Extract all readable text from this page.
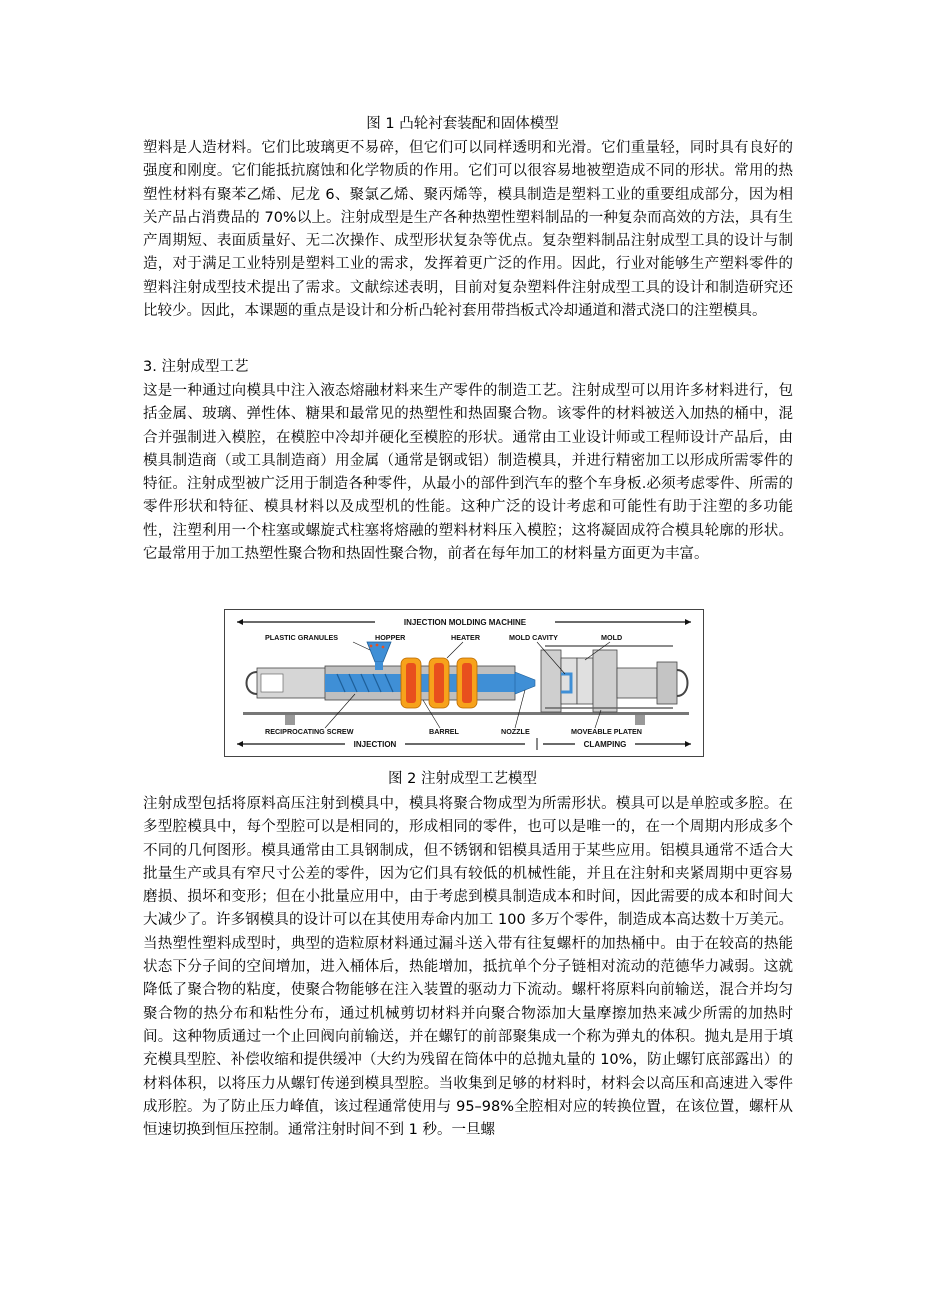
图 1 凸轮衬套装配和固体模型
塑料是人造材料。它们比玻璃更不易碎，但它们可以同样透明和光滑。它们重量轻，同时具有良好的强度和刚度。它们能抵抗腐蚀和化学物质的作用。它们可以很容易地被塑造成不同的形状。常用的热塑性材料有聚苯乙烯、尼龙 6、聚氯乙烯、聚丙烯等，模具制造是塑料工业的重要组成部分，因为相关产品占消费品的 70%以上。注射成型是生产各种热塑性塑料制品的一种复杂而高效的方法，具有生产周期短、表面质量好、无二次操作、成型形状复杂等优点。复杂塑料制品注射成型工具的设计与制造，对于满足工业特别是塑料工业的需求，发挥着更广泛的作用。因此，行业对能够生产塑料零件的塑料注射成型技术提出了需求。文献综述表明，目前对复杂塑料件注射成型工具的设计和制造研究还比较少。因此，本课题的重点是设计和分析凸轮衬套用带挡板式冷却通道和潜式浇口的注塑模具。
3. 注射成型工艺
这是一种通过向模具中注入液态熔融材料来生产零件的制造工艺。注射成型可以用许多材料进行，包括金属、玻璃、弹性体、糖果和最常见的热塑性和热固聚合物。该零件的材料被送入加热的桶中，混合并强制进入模腔，在模腔中冷却并硬化至模腔的形状。通常由工业设计师或工程师设计产品后，由模具制造商（或工具制造商）用金属（通常是钢或铝）制造模具，并进行精密加工以形成所需零件的特征。注射成型被广泛用于制造各种零件，从最小的部件到汽车的整个车身板.必须考虑零件、所需的零件形状和特征、模具材料以及成型机的性能。这种广泛的设计考虑和可能性有助于注塑的多功能性，注塑利用一个柱塞或螺旋式柱塞将熔融的塑料材料压入模腔；这将凝固成符合模具轮廓的形状。它最常用于加工热塑性聚合物和热固性聚合物，前者在每年加工的材料量方面更为丰富。
INJECTION MOLDING MACHINE
PLASTIC GRANULES	HOPPER	HEATER	MOLD CAVITY	MOLD
RECIPROCATING SCREW	BARREL	NOZZLE	MOVEABLE PLATEN
INJECTION	CLAMPING
图 2 注射成型工艺模型
注射成型包括将原料高压注射到模具中，模具将聚合物成型为所需形状。模具可以是单腔或多腔。在多型腔模具中，每个型腔可以是相同的，形成相同的零件，也可以是唯一的，在一个周期内形成多个不同的几何图形。模具通常由工具钢制成，但不锈钢和铝模具适用于某些应用。铝模具通常不适合大批量生产或具有窄尺寸公差的零件，因为它们具有较低的机械性能，并且在注射和夹紧周期中更容易磨损、损坏和变形；但在小批量应用中，由于考虑到模具制造成本和时间，因此需要的成本和时间大大减少了。许多钢模具的设计可以在其使用寿命内加工 100 多万个零件，制造成本高达数十万美元。当热塑性塑料成型时，典型的造粒原材料通过漏斗送入带有往复螺杆的加热桶中。由于在较高的热能状态下分子间的空间增加，进入桶体后，热能增加，抵抗单个分子链相对流动的范德华力减弱。这就降低了聚合物的粘度，使聚合物能够在注入装置的驱动力下流动。螺杆将原料向前输送，混合并均匀聚合物的热分布和粘性分布，通过机械剪切材料并向聚合物添加大量摩擦加热来减少所需的加热时间。这种物质通过一个止回阀向前输送，并在螺钉的前部聚集成一个称为弹丸的体积。抛丸是用于填充模具型腔、补偿收缩和提供缓冲（大约为残留在筒体中的总抛丸量的 10%，防止螺钉底部露出）的材料体积，以将压力从螺钉传递到模具型腔。当收集到足够的材料时，材料会以高压和高速进入零件成形腔。为了防止压力峰值，该过程通常使用与 95–98%全腔相对应的转换位置，在该位置，螺杆从恒速切换到恒压控制。通常注射时间不到 1 秒。一旦螺
